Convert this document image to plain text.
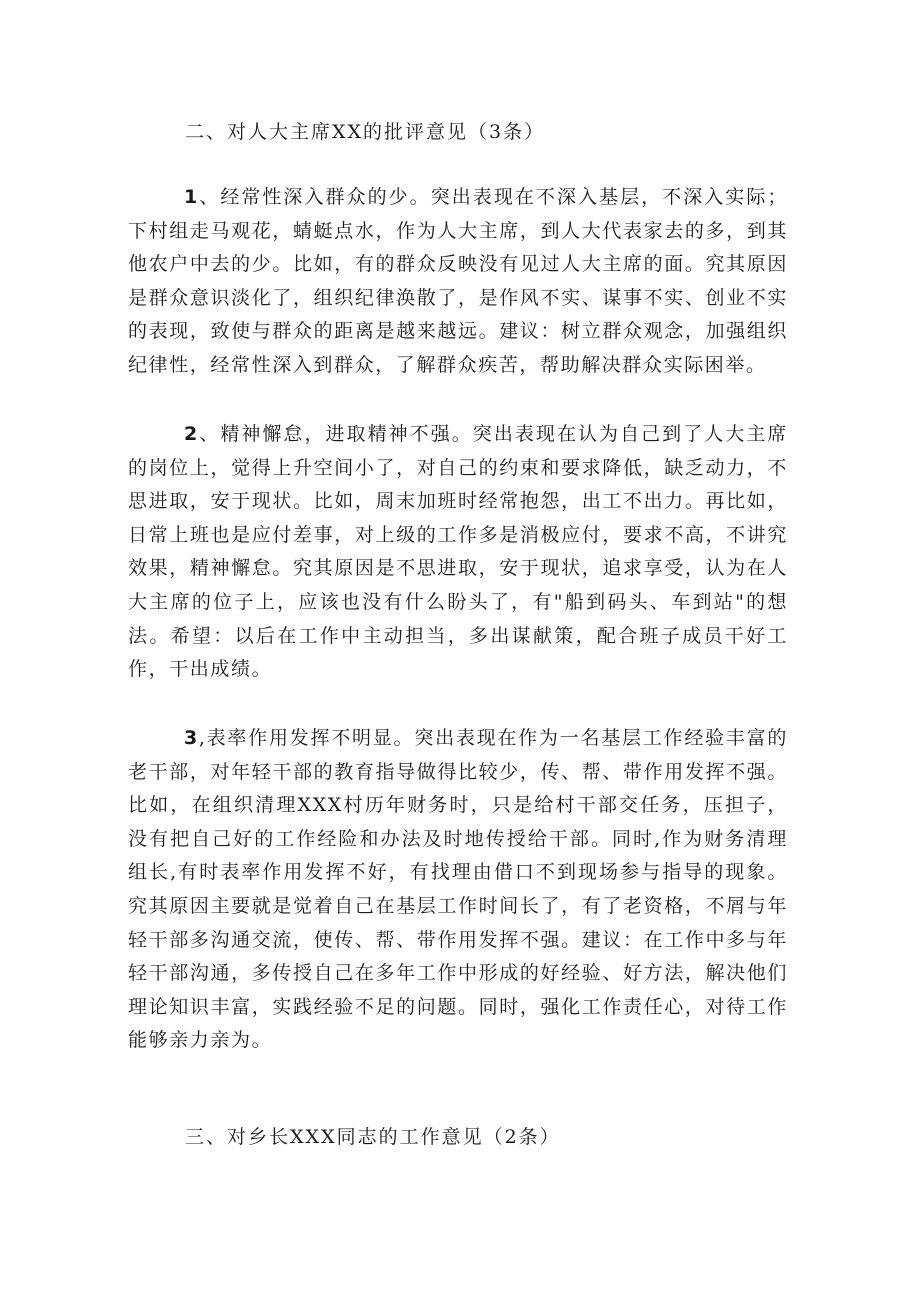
二、对人大主席XX的批评意见（3条）

1、经常性深入群众的少。突出表现在不深入基层，不深入实际；下村组走马观花，蜻蜓点水，作为人大主席，到人大代表家去的多，到其他农户中去的少。比如，有的群众反映没有见过人大主席的面。究其原因是群众意识淡化了，组织纪律涣散了，是作风不实、谋事不实、创业不实的表现，致使与群众的距离是越来越远。建议：树立群众观念，加强组织纪律性，经常性深入到群众，了解群众疾苦，帮助解决群众实际困举。

2、精神懈怠，进取精神不强。突出表现在认为自己到了人大主席的岗位上，觉得上升空间小了，对自己的约束和要求降低，缺乏动力，不思进取，安于现状。比如，周末加班时经常抱怨，出工不出力。再比如，日常上班也是应付差事，对上级的工作多是消极应付，要求不高，不讲究效果，精神懈怠。究其原因是不思进取，安于现状，追求享受，认为在人大主席的位子上，应该也没有什么盼头了，有"船到码头、车到站"的想法。希望：以后在工作中主动担当，多出谋献策，配合班子成员干好工作，干出成绩。

3,表率作用发挥不明显。突出表现在作为一名基层工作经验丰富的老干部，对年轻干部的教育指导做得比较少，传、帮、带作用发挥不强。比如，在组织清理XXX村历年财务时，只是给村干部交任务，压担子，没有把自己好的工作经险和办法及时地传授给干部。同时,作为财务清理组长,有时表率作用发挥不好，有找理由借口不到现场参与指导的现象。究其原因主要就是觉着自己在基层工作时间长了，有了老资格，不屑与年轻干部多沟通交流，使传、帮、带作用发挥不强。建议：在工作中多与年轻干部沟通，多传授自己在多年工作中形成的好经验、好方法，解决他们理论知识丰富，实践经验不足的问题。同时，强化工作责任心，对待工作能够亲力亲为。

三、对乡长XXX同志的工作意见（2条）
